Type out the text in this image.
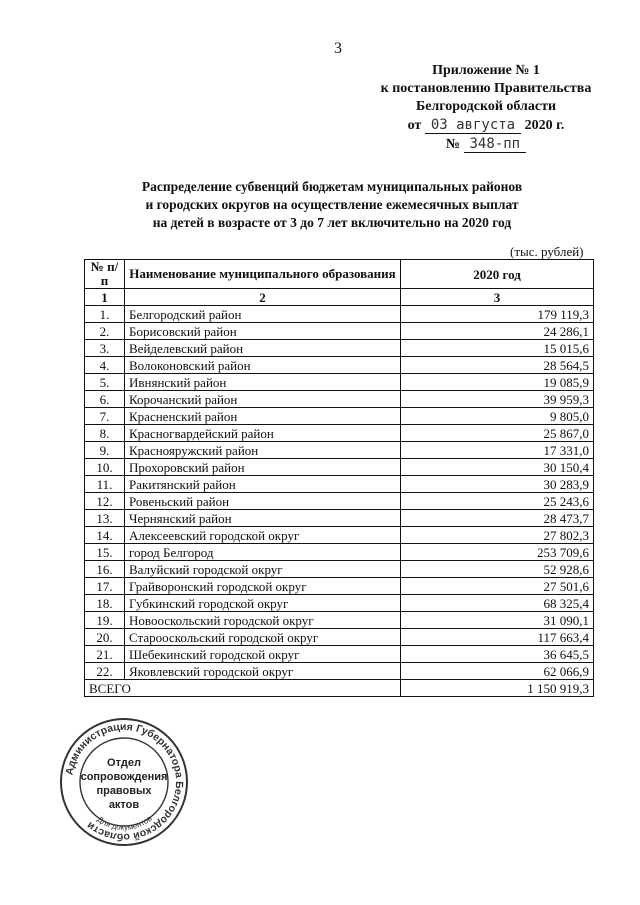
3
Приложение № 1
к постановлению Правительства
Белгородской области
от 03 августа 2020 г.
№ 348-пп
Распределение субвенций бюджетам муниципальных районов
и городских округов на осуществление ежемесячных выплат
на детей в возрасте от 3 до 7 лет включительно на 2020 год
(тыс. рублей)
№ п/п	Наименование муниципального образования	2020 год
1	2	3
1.	Белгородский район	179 119,3
2.	Борисовский район	24 286,1
3.	Вейделевский район	15 015,6
4.	Волоконовский район	28 564,5
5.	Ивнянский район	19 085,9
6.	Корочанский район	39 959,3
7.	Красненский район	9 805,0
8.	Красногвардейский район	25 867,0
9.	Краснояружский район	17 331,0
10.	Прохоровский район	30 150,4
11.	Ракитянский район	30 283,9
12.	Ровеньский район	25 243,6
13.	Чернянский район	28 473,7
14.	Алексеевский городской округ	27 802,3
15.	город Белгород	253 709,6
16.	Валуйский городской округ	52 928,6
17.	Грайворонский городской округ	27 501,6
18.	Губкинский городской округ	68 325,4
19.	Новооскольский городской округ	31 090,1
20.	Старооскольский городской округ	117 663,4
21.	Шебекинский городской округ	36 645,5
22.	Яковлевский городской округ	62 066,9
ВСЕГО		1 150 919,3
Администрация Губернатора Белгородской области
Для документов
Отдел
сопровождения
правовых
актов
